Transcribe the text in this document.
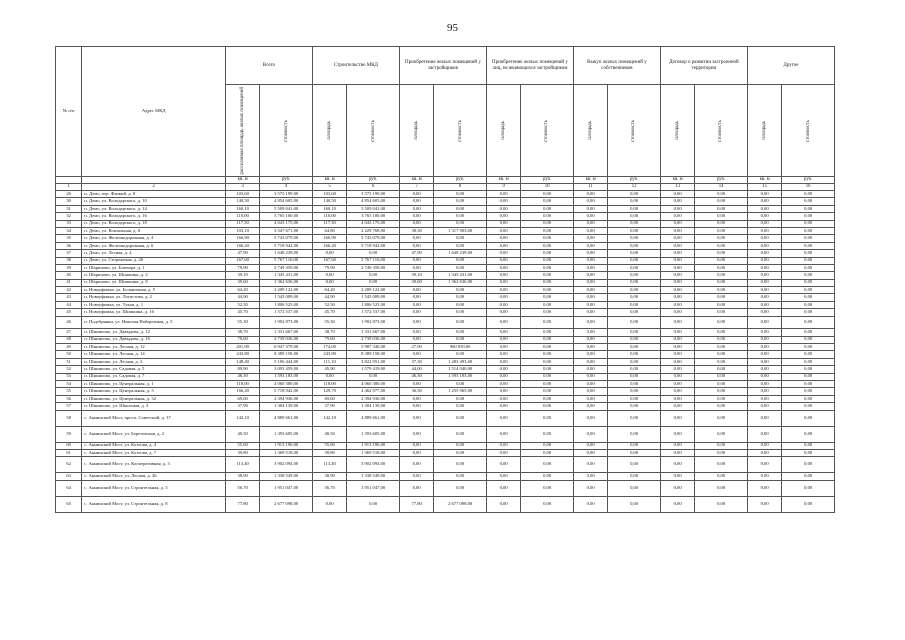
95
№ п/п	Адрес МКД	Всего		Строительство МКД		Приобретение жилых помещений у застройщиков		Приобретение жилых помещений у лиц, не являющихся застройщиком		Выкуп жилых помещений у собственников		Договор о развитии застроенной территории		Другое	

		расселяемая площадь жилых помещений	стоимость	площадь	стоимость	площадь	стоимость	площадь	стоимость	площадь	стоимость	площадь	стоимость	площадь	стоимость

		кв. м	руб.	кв. м	руб.	кв. м	руб.	кв. м	руб.	кв. м	руб.	кв. м	руб.	кв. м	руб.
1	2	3	4	5	6	7	8	9	10	11	12	13	14	15	16
26	п. Демо, пер. Физкий, д. 8	103,60	3 575 199,00	103,60	3 575 199,00	0,00	0,00	0,00	0,00	0,00	0,00	0,00	0,00	0,00	0,00
30	п. Демо, ул. Володарского, д. 10	140,50	4 854 605,00	140,50	4 854 605,00	0,00	0,00	0,00	0,00	0,00	0,00	0,00	0,00	0,00	0,00
31	п. Демо, ул. Володарского, д. 14	160,10	5 509 041,00	160,10	5 509 041,00	0,00	0,00	0,00	0,00	0,00	0,00	0,00	0,00	0,00	0,00
32	п. Демо, ул. Володарского, д. 16	110,00	3 765 100,00	110,00	3 765 100,00	0,00	0,00	0,00	0,00	0,00	0,00	0,00	0,00	0,00	0,00
33	п. Демо, ул. Володарского, д. 18	117,50	4 043 175,00	117,50	4 043 175,00	0,00	0,00	0,00	0,00	0,00	0,00	0,00	0,00	0,00	0,00
34	п. Демо, ул. Вокзальная, д. 8	103,10	3 547 671,00	64,80	2 229 768,00	38,30	1 317 903,00	0,00	0,00	0,00	0,00	0,00	0,00	0,00	0,00
35	п. Демо, ул. Железнодорожная, д. 4	166,90	5 743 079,00	166,90	5 743 079,00	0,00	0,00	0,00	0,00	0,00	0,00	0,00	0,00	0,00	0,00
36	п. Демо, ул. Железнодорожная, д. 6	166,20	5 718 942,00	166,20	5 718 942,00	0,00	0,00	0,00	0,00	0,00	0,00	0,00	0,00	0,00	0,00
37	п. Демо, ул. Лесная, д. 4	47,90	1 648 239,00	0,00	0,00	47,90	1 648 239,00	0,00	0,00	0,00	0,00	0,00	0,00	0,00	0,00
38	п. Демо, ул. Сторожевая, д. 26	167,60	5 767 116,00	167,60	5 767 116,00	0,00	0,00	0,00	0,00	0,00	0,00	0,00	0,00	0,00	0,00
39	п. Шарипово, ул. Блюхера, д. 1	79,90	2 749 359,00	79,90	2 749 359,00	0,00	0,00	0,00	0,00	0,00	0,00	0,00	0,00	0,00	0,00
40	п. Шарипово, ул. Шишкина, д. 2	39,10	1 345 431,00	0,00	0,00	39,10	1 345 431,00	0,00	0,00	0,00	0,00	0,00	0,00	0,00	0,00
41	п. Шарипово, ул. Шишкина, д. 8	39,60	1 362 636,00	0,00	0,00	39,60	1 362 636,00	0,00	0,00	0,00	0,00	0,00	0,00	0,00	0,00
42	п. Новоуфимка, ул. Больничная, д. 5	64,20	2 209 122,00	64,20	2 209 122,00	0,00	0,00	0,00	0,00	0,00	0,00	0,00	0,00	0,00	0,00
43	п. Новоуфимка, ул. Логистова, д. 2	44,90	1 545 009,00	44,90	1 545 009,00	0,00	0,00	0,00	0,00	0,00	0,00	0,00	0,00	0,00	0,00
44	п. Новоуфимка, ул. Тукая, д. 1	52,50	1 806 525,00	52,50	1 806 525,00	0,00	0,00	0,00	0,00	0,00	0,00	0,00	0,00	0,00	0,00
45	п. Новоуфимка, ул. Шишкина, д. 16	45,70	1 572 537,00	45,70	1 572 537,00	0,00	0,00	0,00	0,00	0,00	0,00	0,00	0,00	0,00	0,00
46	п. Подебрянки, ул. Николая Набережная, д. 5	55,30	1 902 873,00	55,30	1 902 873,00	0,00	0,00	0,00	0,00	0,00	0,00	0,00	0,00	0,00	0,00
47	п. Шинипово, ул. Давыдова, д. 12	38,70	1 331 667,00	38,70	1 331 667,00	0,00	0,00	0,00	0,00	0,00	0,00	0,00	0,00	0,00	0,00
48	п. Шинипово, ул. Давыдова, д. 16	79,60	2 739 036,00	79,60	2 739 036,00	0,00	0,00	0,00	0,00	0,00	0,00	0,00	0,00	0,00	0,00
49	п. Шинипово, ул. Лесная, д. 12	201,90	6 947 379,00	174,00	5 987 340,00	27,90	960 039,00	0,00	0,00	0,00	0,00	0,00	0,00	0,00	0,00
50	п. Шинипово, ул. Лесная, д. 14	243,80	8 389 158,00	243,80	8 389 158,00	0,00	0,00	0,00	0,00	0,00	0,00	0,00	0,00	0,00	0,00
51	п. Шинипово, ул. Лесная, д. 2	148,40	5 106 444,00	111,10	3 822 951,00	37,30	1 283 493,00	0,00	0,00	0,00	0,00	0,00	0,00	0,00	0,00
52	п. Шинипово, ул. Садовая, д. 5	89,90	3 093 459,00	45,90	1 579 419,00	44,00	1 514 040,00	0,00	0,00	0,00	0,00	0,00	0,00	0,00	0,00
53	п. Шинипово, ул. Садовая, д. 7	46,30	1 593 183,00	0,00	0,00	46,30	1 593 183,00	0,00	0,00	0,00	0,00	0,00	0,00	0,00	0,00
54	п. Шинипово, ул. Центральная, д. 1	118,00	4 060 380,00	118,00	4 060 380,00	0,00	0,00	0,00	0,00	0,00	0,00	0,00	0,00	0,00	0,00
55	п. Шинипово, ул. Центральная, д. 3	166,20	5 718 942,00	129,70	4 462 977,00	36,50	1 255 965,00	0,00	0,00	0,00	0,00	0,00	0,00	0,00	0,00
56	п. Шинипово, ул. Центральная, д. 32	69,60	2 394 936,00	69,60	2 394 936,00	0,00	0,00	0,00	0,00	0,00	0,00	0,00	0,00	0,00	0,00
57	п. Шинипово, ул. Школьная, д. 3	37,90	1 304 139,00	37,90	1 304 139,00	0,00	0,00	0,00	0,00	0,00	0,00	0,00	0,00	0,00	0,00
58	с. Аннинский Мост, просп. Советский, д. 37	142,10	4 889 661,00	142,10	4 889 661,00	0,00	0,00	0,00	0,00	0,00	0,00	0,00	0,00	0,00	0,00
59	с. Аннинский Мост, ул. Березовская, д. 2	40,50	1 393 605,00	40,50	1 393 605,00	0,00	0,00	0,00	0,00	0,00	0,00	0,00	0,00	0,00	0,00
60	с. Аннинский Мост, ул. Козлова, д. 4	55,60	1 913 196,00	55,60	1 913 196,00	0,00	0,00	0,00	0,00	0,00	0,00	0,00	0,00	0,00	0,00
61	с. Аннинский Мост, ул. Козлова, д. 7	39,80	1 369 518,00	39,80	1 369 518,00	0,00	0,00	0,00	0,00	0,00	0,00	0,00	0,00	0,00	0,00
62	с. Аннинский Мост, ул. Кооперативная, д. 3	113,40	3 902 094,00	113,40	3 902 094,00	0,00	0,00	0,00	0,00	0,00	0,00	0,00	0,00	0,00	0,00
63	с. Аннинский Мост, ул. Лесная, д. 36	38,90	1 338 549,00	38,90	1 338 549,00	0,00	0,00	0,00	0,00	0,00	0,00	0,00	0,00	0,00	0,00
64	с. Аннинский Мост, ул. Строительная, д. 3	56,70	1 951 047,00	56,70	1 951 047,00	0,00	0,00	0,00	0,00	0,00	0,00	0,00	0,00	0,00	0,00
65	с. Аннинский Мост, ул. Строительная, д. 8	77,80	2 677 098,00	0,00	0,00	77,80	2 677 098,00	0,00	0,00	0,00	0,00	0,00	0,00	0,00	0,00
